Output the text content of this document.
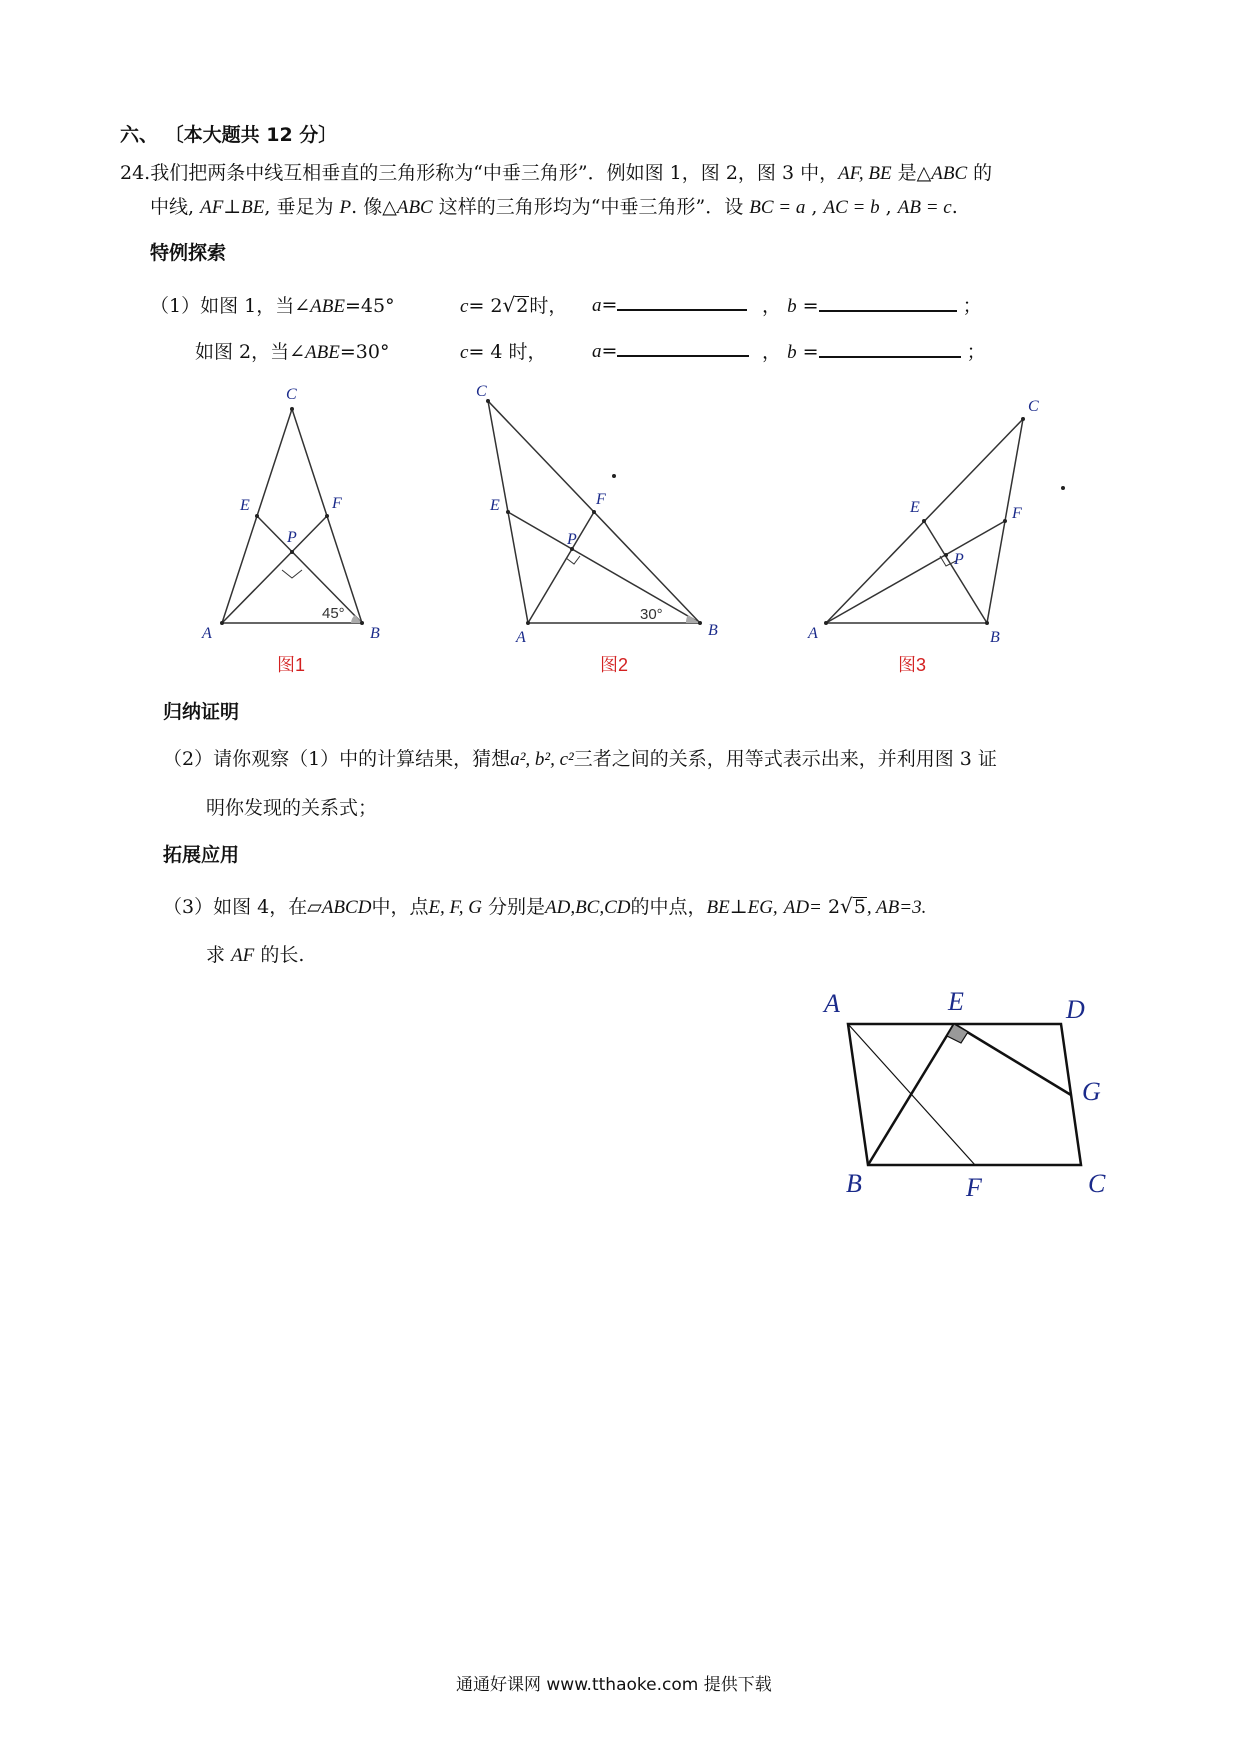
六、 〔本大题共 12 分〕
24.我们把两条中线互相垂直的三角形称为“中垂三角形”．例如图 1，图 2，图 3 中，AF, BE 是△ABC 的
中线, AF⊥BE, 垂足为 P. 像△ABC 这样的三角形均为“中垂三角形”．设 BC = a , AC = b , AB = c.
特例探索
（1）如图 1，当∠ABE=45°	c= 2√2时， a=	， b =	；
如图 2，当∠ABE=30°	c= 4 时， a=	， b =	；
C
E	F
P
A	B
C
E	F
P
A	B
C
E	F
P
A	B
45°	30°
图1	图2	图3
归纳证明
（2）请你观察（1）中的计算结果，猜想a², b², c²三者之间的关系，用等式表示出来，并利用图 3 证
明你发现的关系式；
拓展应用
（3）如图 4，在▱ABCD中，点E, F, G 分别是AD,BC,CD的中点，BE⊥EG, AD= 2√5, AB=3.
求 AF 的长.
A	E	D
G
B	F	C
通通好课网 www.tthaoke.com 提供下载
